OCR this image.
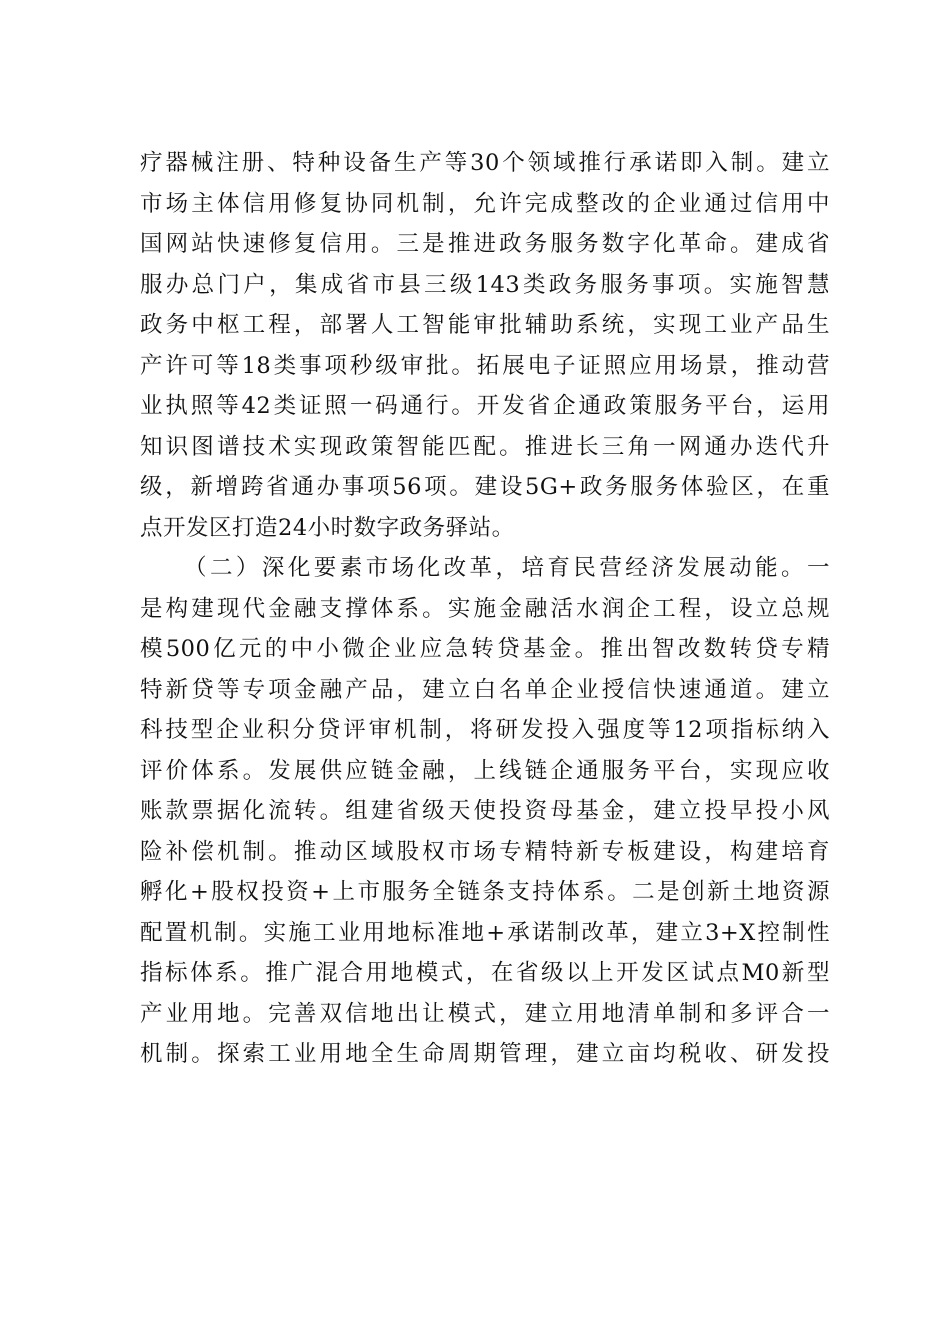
疗器械注册、特种设备生产等30个领域推行承诺即入制。建立
市场主体信用修复协同机制，允许完成整改的企业通过信用中
国网站快速修复信用。三是推进政务服务数字化革命。建成省
服办总门户，集成省市县三级143类政务服务事项。实施智慧
政务中枢工程，部署人工智能审批辅助系统，实现工业产品生
产许可等18类事项秒级审批。拓展电子证照应用场景，推动营
业执照等42类证照一码通行。开发省企通政策服务平台，运用
知识图谱技术实现政策智能匹配。推进长三角一网通办迭代升
级，新增跨省通办事项56项。建设5G+政务服务体验区，在重
点开发区打造24小时数字政务驿站。
（二）深化要素市场化改革，培育民营经济发展动能。一
是构建现代金融支撑体系。实施金融活水润企工程，设立总规
模500亿元的中小微企业应急转贷基金。推出智改数转贷专精
特新贷等专项金融产品，建立白名单企业授信快速通道。建立
科技型企业积分贷评审机制，将研发投入强度等12项指标纳入
评价体系。发展供应链金融，上线链企通服务平台，实现应收
账款票据化流转。组建省级天使投资母基金，建立投早投小风
险补偿机制。推动区域股权市场专精特新专板建设，构建培育
孵化+股权投资+上市服务全链条支持体系。二是创新土地资源
配置机制。实施工业用地标准地+承诺制改革，建立3+X控制性
指标体系。推广混合用地模式，在省级以上开发区试点M0新型
产业用地。完善双信地出让模式，建立用地清单制和多评合一
机制。探索工业用地全生命周期管理，建立亩均税收、研发投
